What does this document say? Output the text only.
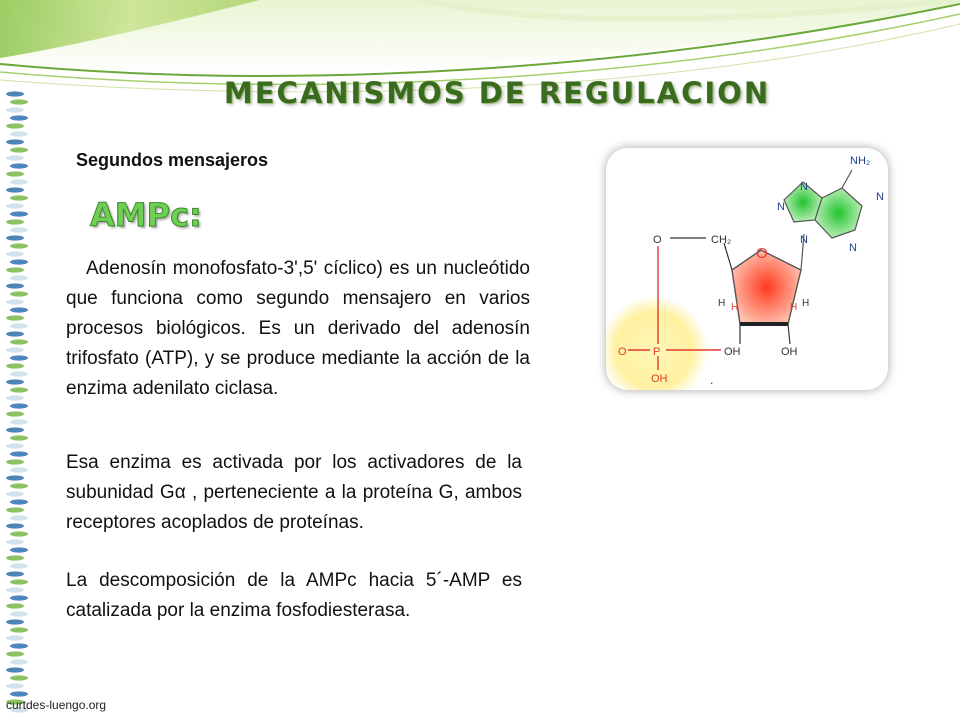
MECANISMOS DE REGULACION
Segundos mensajeros
AMPc:

Adenosín monofosfato-3',5' cíclico) es un nucleótido que funciona como segundo mensajero en varios procesos biológicos. Es un derivado del adenosín trifosfato (ATP), y se produce mediante la acción de la enzima adenilato ciclasa.

Esa enzima es activada por los activadores de la subunidad Gα , perteneciente a la proteína G, ambos receptores acoplados de proteínas.

La descomposición de la AMPc hacia 5´-AMP es catalizada por la enzima fosfodiesterasa.

NH₂
N
N
N
N
N
O	CH₂
O
H H	H H
OH	OH
O P
OH	.
curtdes-luengo.org
